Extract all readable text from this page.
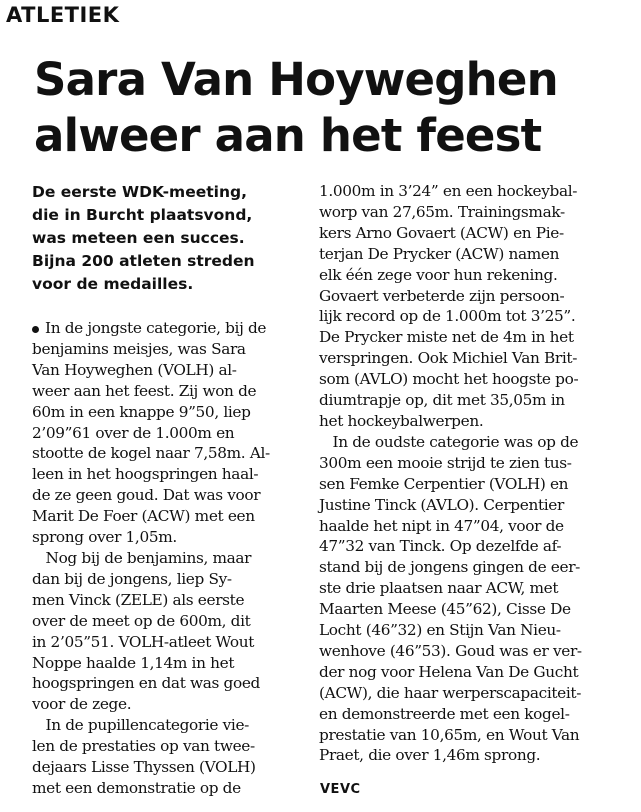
ATLETIEK
Sara Van Hoyweghen
alweer aan het feest
De eerste WDK-meeting,
die in Burcht plaatsvond,
was meteen een succes.
Bijna 200 atleten streden
voor de medailles.
In de jongste categorie, bij de
benjamins meisjes, was Sara
Van Hoyweghen (VOLH) al-
weer aan het feest. Zij won de
60m in een knappe 9”50, liep
2’09”61 over de 1.000m en
stootte de kogel naar 7,58m. Al-
leen in het hoogspringen haal-
de ze geen goud. Dat was voor
Marit De Foer (ACW) met een
sprong over 1,05m.
Nog bij de benjamins, maar
dan bij de jongens, liep Sy-
men Vinck (ZELE) als eerste
over de meet op de 600m, dit
in 2’05”51. VOLH-atleet Wout
Noppe haalde 1,14m in het
hoogspringen en dat was goed
voor de zege.
In de pupillencategorie vie-
len de prestaties op van twee-
dejaars Lisse Thyssen (VOLH)
met een demonstratie op de
1.000m in 3’24” en een hockeybal-
worp van 27,65m. Trainingsmak-
kers Arno Govaert (ACW) en Pie-
terjan De Prycker (ACW) namen
elk één zege voor hun rekening.
Govaert verbeterde zijn persoon-
lijk record op de 1.000m tot 3’25”.
De Prycker miste net de 4m in het
verspringen. Ook Michiel Van Brit-
som (AVLO) mocht het hoogste po-
diumtrapje op, dit met 35,05m in
het hockeybalwerpen.
In de oudste categorie was op de
300m een mooie strijd te zien tus-
sen Femke Cerpentier (VOLH) en
Justine Tinck (AVLO). Cerpentier
haalde het nipt in 47”04, voor de
47”32 van Tinck. Op dezelfde af-
stand bij de jongens gingen de eer-
ste drie plaatsen naar ACW, met
Maarten Meese (45”62), Cisse De
Locht (46”32) en Stijn Van Nieu-
wenhove (46”53). Goud was er ver-
der nog voor Helena Van De Gucht
(ACW), die haar werperscapaciteit-
en demonstreerde met een kogel-
prestatie van 10,65m, en Wout Van
Praet, die over 1,46m sprong.
VEVC
